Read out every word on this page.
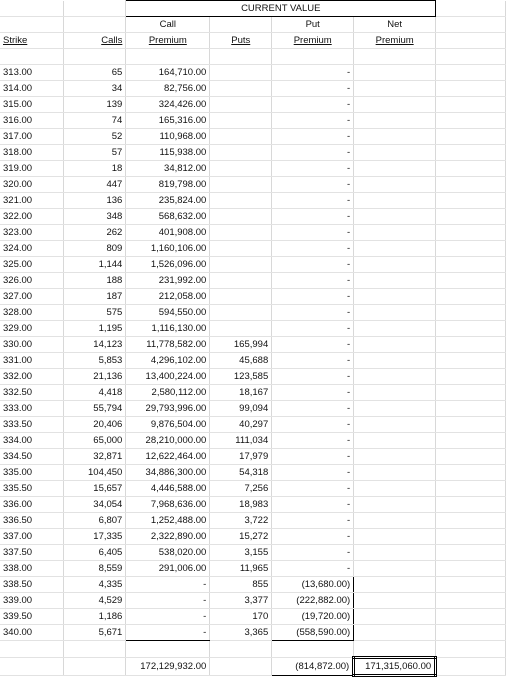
		CURRENT VALUE				
		Call		Put	Net	
Strike	Calls	Premium	Puts	Premium	Premium	

313.00	65	164,710.00		-		
314.00	34	82,756.00		-		
315.00	139	324,426.00		-		
316.00	74	165,316.00		-		
317.00	52	110,968.00		-		
318.00	57	115,938.00		-		
319.00	18	34,812.00		-		
320.00	447	819,798.00		-		
321.00	136	235,824.00		-		
322.00	348	568,632.00		-		
323.00	262	401,908.00		-		
324.00	809	1,160,106.00		-		
325.00	1,144	1,526,096.00		-		
326.00	188	231,992.00		-		
327.00	187	212,058.00		-		
328.00	575	594,550.00		-		
329.00	1,195	1,116,130.00		-		
330.00	14,123	11,778,582.00	165,994	-		
331.00	5,853	4,296,102.00	45,688	-		
332.00	21,136	13,400,224.00	123,585	-		
332.50	4,418	2,580,112.00	18,167	-		
333.00	55,794	29,793,996.00	99,094	-		
333.50	20,406	9,876,504.00	40,297	-		
334.00	65,000	28,210,000.00	111,034	-		
334.50	32,871	12,622,464.00	17,979	-		
335.00	104,450	34,886,300.00	54,318	-		
335.50	15,657	4,446,588.00	7,256	-		
336.00	34,054	7,968,636.00	18,983	-		
336.50	6,807	1,252,488.00	3,722	-		
337.00	17,335	2,322,890.00	15,272	-		
337.50	6,405	538,020.00	3,155	-		
338.00	8,559	291,006.00	11,965	-		
338.50	4,335	-	855	(13,680.00)		
339.00	4,529	-	3,377	(222,882.00)		
339.50	1,186	-	170	(19,720.00)		
340.00	5,671	-	3,365	(558,590.00)		

		172,129,932.00		(814,872.00)	171,315,060.00	
